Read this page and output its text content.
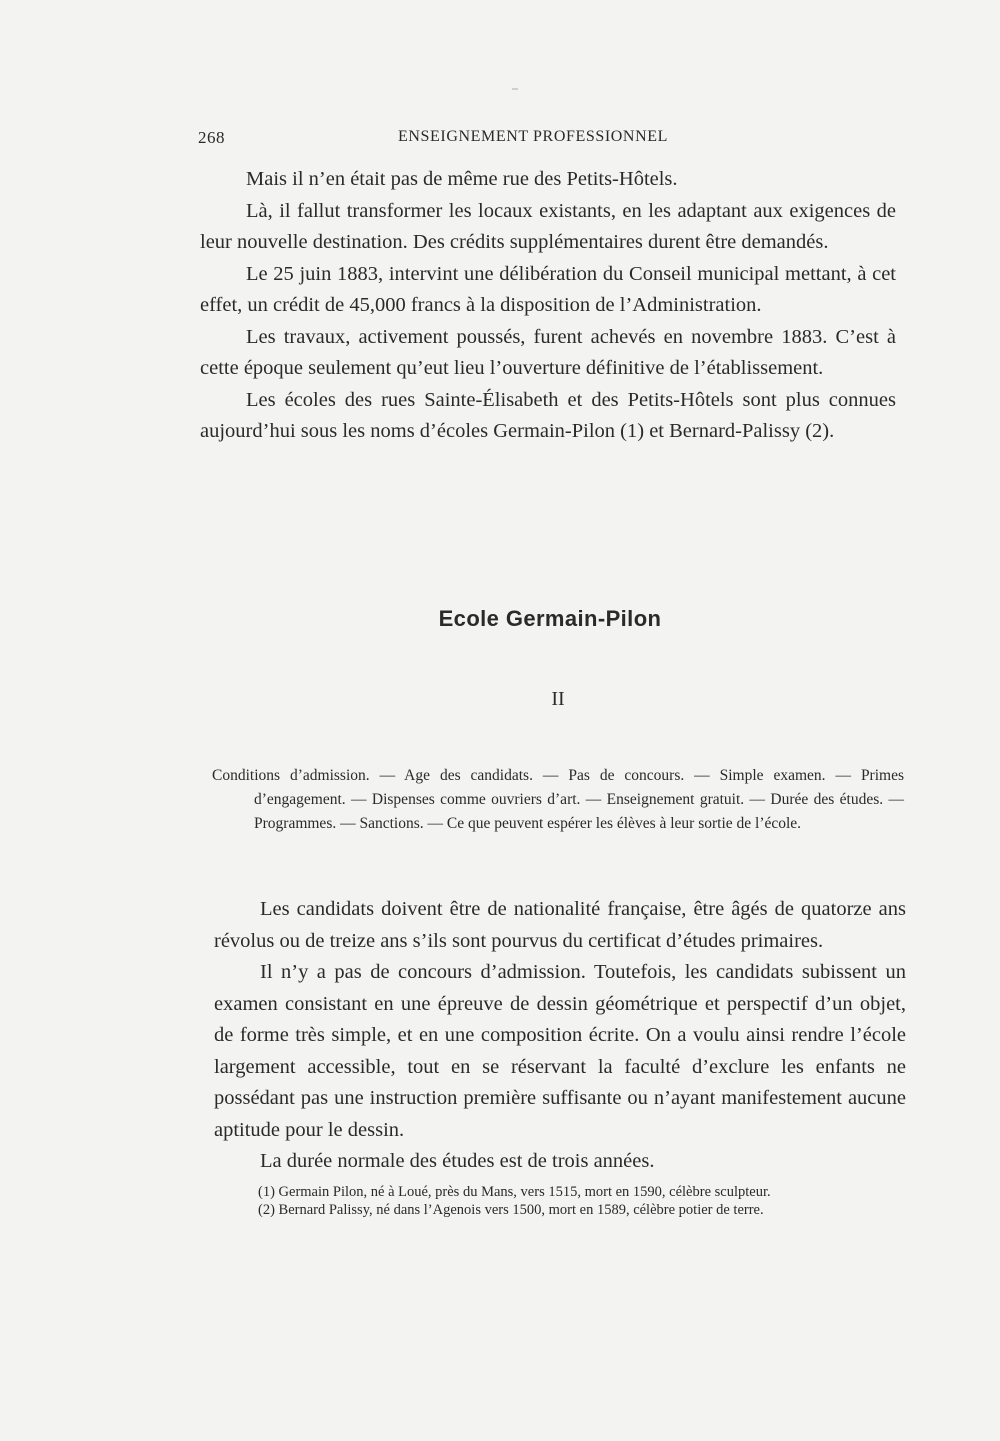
268	ENSEIGNEMENT PROFESSIONNEL

Mais il n’en était pas de même rue des Petits-Hôtels.

Là, il fallut transformer les locaux existants, en les adaptant aux exigences de leur nouvelle destination. Des crédits supplémentaires durent être demandés.

Le 25 juin 1883, intervint une délibération du Conseil municipal mettant, à cet effet, un crédit de 45,000 francs à la disposition de l’Administration.

Les travaux, activement poussés, furent achevés en novembre 1883. C’est à cette époque seulement qu’eut lieu l’ouverture définitive de l’établissement.

Les écoles des rues Sainte-Élisabeth et des Petits-Hôtels sont plus connues aujourd’hui sous les noms d’écoles Germain-Pilon (1) et Bernard-Palissy (2).

Ecole Germain-Pilon
II

Conditions d’admission. — Age des candidats. — Pas de concours. — Simple examen. — Primes d’engagement. — Dispenses comme ouvriers d’art. — Enseignement gratuit. — Durée des études. — Programmes. — Sanctions. — Ce que peuvent espérer les élèves à leur sortie de l’école.

Les candidats doivent être de nationalité française, être âgés de quatorze ans révolus ou de treize ans s’ils sont pourvus du certificat d’études primaires.

Il n’y a pas de concours d’admission. Toutefois, les candidats subissent un examen consistant en une épreuve de dessin géométrique et perspectif d’un objet, de forme très simple, et en une composition écrite. On a voulu ainsi rendre l’école largement accessible, tout en se réservant la faculté d’exclure les enfants ne possédant pas une instruction première suffisante ou n’ayant manifestement aucune aptitude pour le dessin.

La durée normale des études est de trois années.

(1) Germain Pilon, né à Loué, près du Mans, vers 1515, mort en 1590, célèbre sculpteur.

(2) Bernard Palissy, né dans l’Agenois vers 1500, mort en 1589, célèbre potier de terre.
